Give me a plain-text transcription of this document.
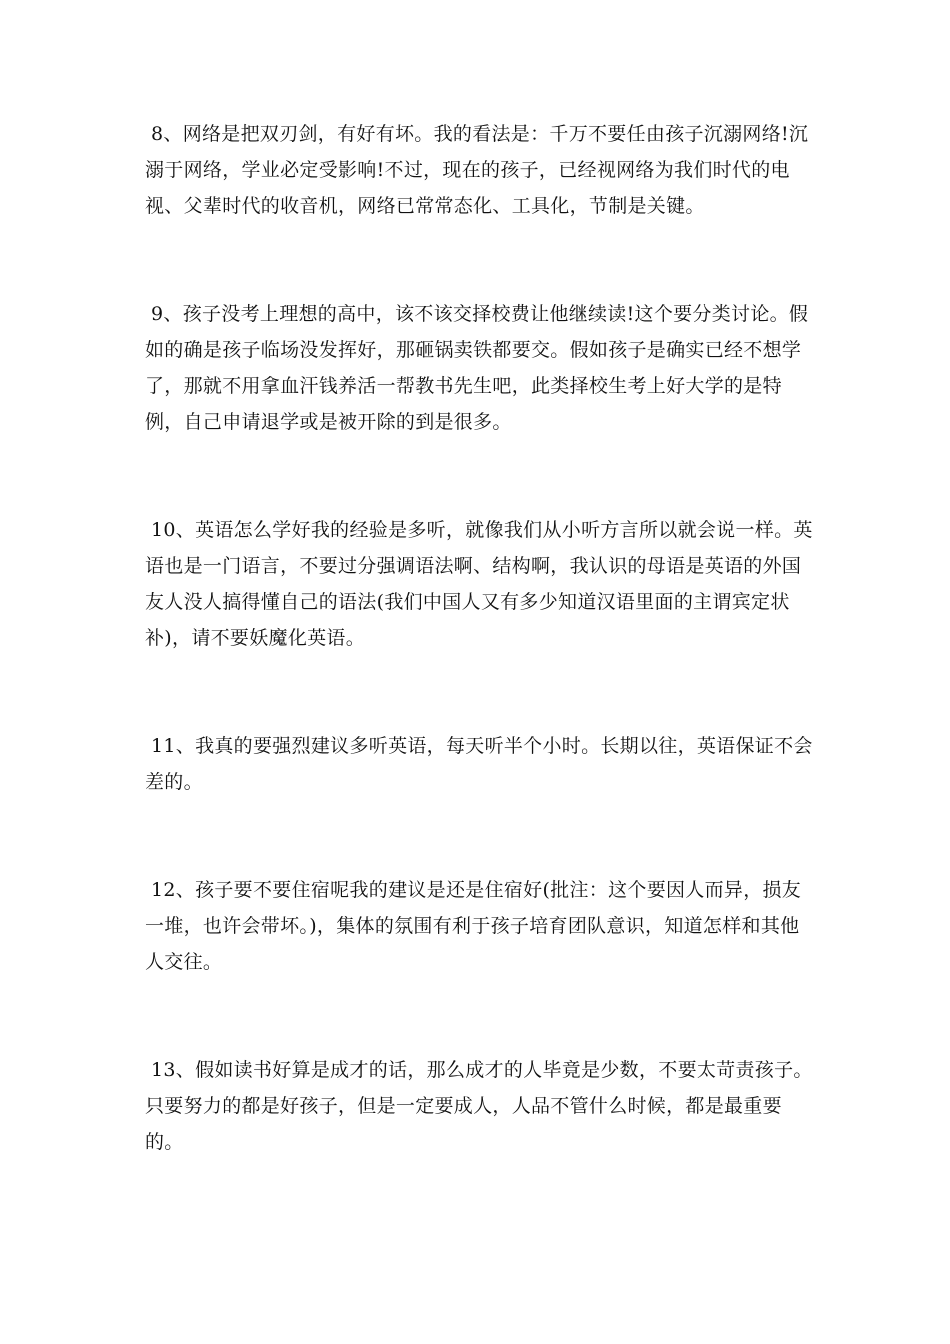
8、网络是把双刃剑，有好有坏。我的看法是：千万不要任由孩子沉溺网络!沉溺于网络，学业必定受影响!不过，现在的孩子，已经视网络为我们时代的电视、父辈时代的收音机，网络已常常态化、工具化，节制是关键。

9、孩子没考上理想的高中，该不该交择校费让他继续读!这个要分类讨论。假如的确是孩子临场没发挥好，那砸锅卖铁都要交。假如孩子是确实已经不想学了，那就不用拿血汗钱养活一帮教书先生吧，此类择校生考上好大学的是特例，自己申请退学或是被开除的到是很多。

10、英语怎么学好我的经验是多听，就像我们从小听方言所以就会说一样。英语也是一门语言，不要过分强调语法啊、结构啊，我认识的母语是英语的外国友人没人搞得懂自己的语法(我们中国人又有多少知道汉语里面的主谓宾定状补)，请不要妖魔化英语。

11、我真的要强烈建议多听英语，每天听半个小时。长期以往，英语保证不会差的。

12、孩子要不要住宿呢我的建议是还是住宿好(批注：这个要因人而异，损友一堆，也许会带坏。)，集体的氛围有利于孩子培育团队意识，知道怎样和其他人交往。

13、假如读书好算是成才的话，那么成才的人毕竟是少数，不要太苛责孩子。只要努力的都是好孩子，但是一定要成人，人品不管什么时候，都是最重要的。
